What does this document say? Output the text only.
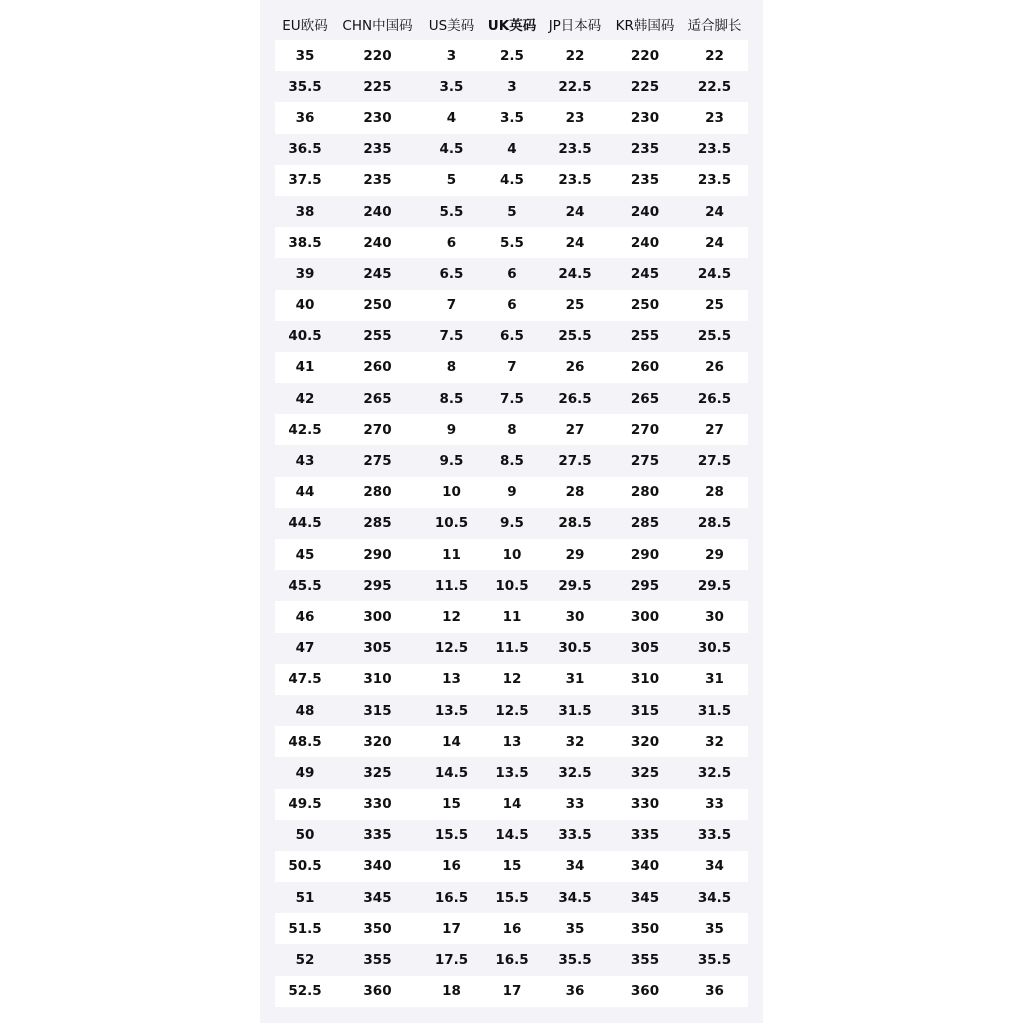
EU欧码	CHN中国码	US美码	UK英码 JP日本码	KR韩国码 适合脚长
35	220	3	2.5	22	220	22
35.5	225	3.5	3	22.5	225	22.5
36	230	4	3.5	23	230	23
36.5	235	4.5	4	23.5	235	23.5
37.5	235	5	4.5	23.5	235	23.5
38	240	5.5	5	24	240	24
38.5	240	6	5.5	24	240	24
39	245	6.5	6	24.5	245	24.5
40	250	7	6	25	250	25
40.5	255	7.5	6.5	25.5	255	25.5
41	260	8	7	26	260	26
42	265	8.5	7.5	26.5	265	26.5
42.5	270	9	8	27	270	27
43	275	9.5	8.5	27.5	275	27.5
44	280	10	9	28	280	28
44.5	285	10.5	9.5	28.5	285	28.5
45	290	11	10	29	290	29
45.5	295	11.5	10.5	29.5	295	29.5
46	300	12	11	30	300	30
47	305	12.5	11.5	30.5	305	30.5
47.5	310	13	12	31	310	31
48	315	13.5	12.5	31.5	315	31.5
48.5	320	14	13	32	320	32
49	325	14.5	13.5	32.5	325	32.5
49.5	330	15	14	33	330	33
50	335	15.5	14.5	33.5	335	33.5
50.5	340	16	15	34	340	34
51	345	16.5	15.5	34.5	345	34.5
51.5	350	17	16	35	350	35
52	355	17.5	16.5	35.5	355	35.5
52.5	360	18	17	36	360	36
